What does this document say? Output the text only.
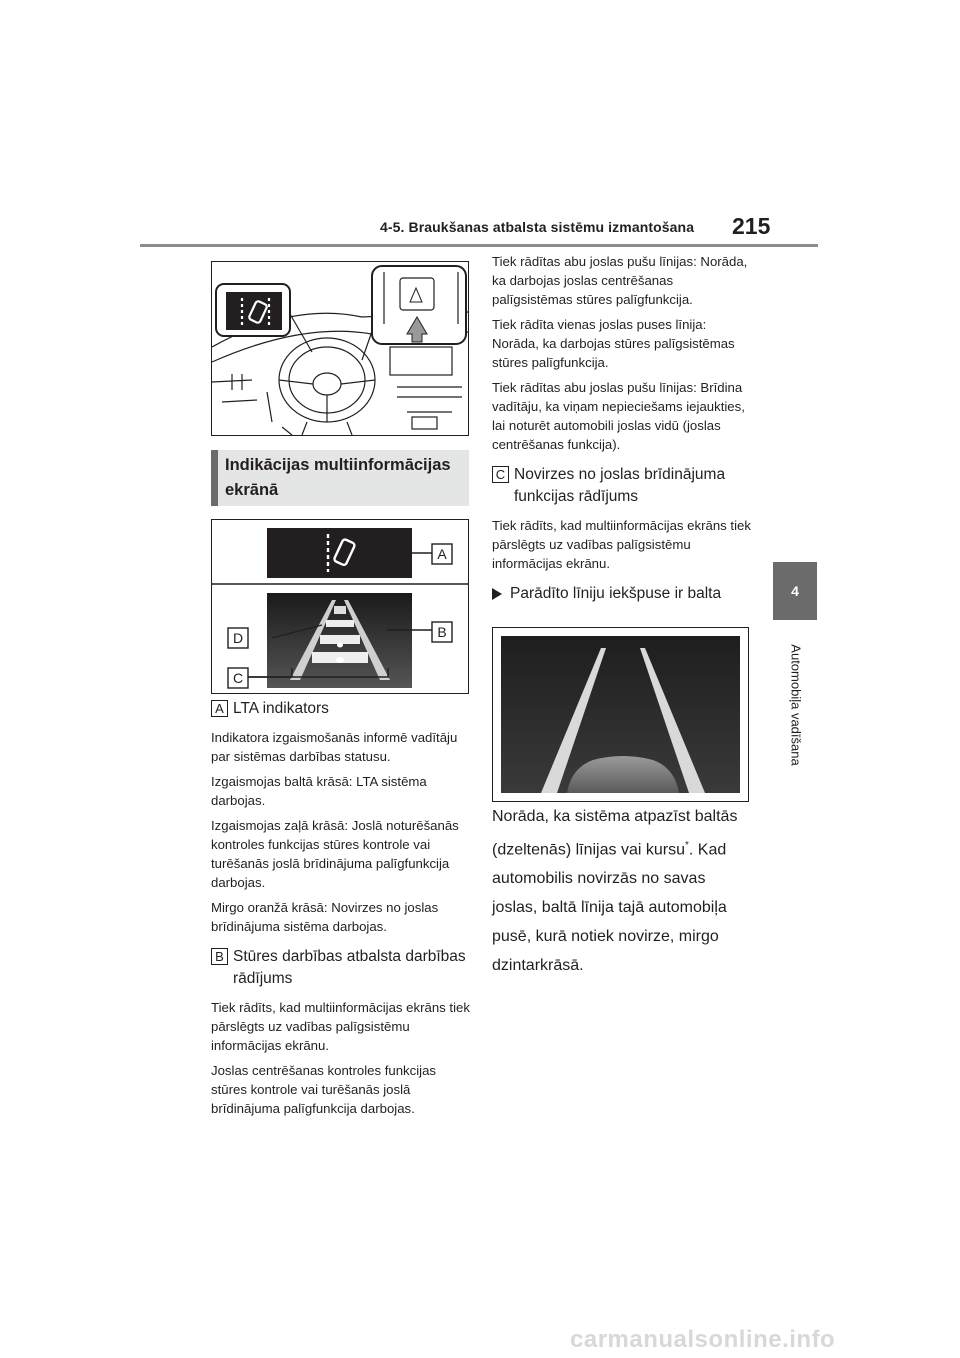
4-5. Braukšanas atbalsta sistēmu izmantošana 215
4
Automobiļa vadīšana
Indikācijas multiinformācijas ekrānā
A
B
C
D
A LTA indikators
Indikatora izgaismošanās informē vadītāju par sistēmas darbības statusu.
Izgaismojas baltā krāsā: LTA sistēma darbojas.
Izgaismojas zaļā krāsā: Joslā noturēšanās kontroles funkcijas stūres kontrole vai turēšanās joslā brīdinājuma palīgfunkcija darbojas.
Mirgo oranžā krāsā: Novirzes no joslas brīdinājuma sistēma darbojas.
B Stūres darbības atbalsta darbības rādījums
Tiek rādīts, kad multiinformācijas ekrāns tiek pārslēgts uz vadības palīgsistēmu informācijas ekrānu.
Joslas centrēšanas kontroles funkcijas stūres kontrole vai turēšanās joslā brīdinājuma palīgfunkcija darbojas.
Tiek rādītas abu joslas pušu līnijas: Norāda, ka darbojas joslas centrēšanas palīgsistēmas stūres palīgfunkcija.
Tiek rādīta vienas joslas puses līnija: Norāda, ka darbojas stūres palīgsistēmas stūres palīgfunkcija.
Tiek rādītas abu joslas pušu līnijas: Brīdina vadītāju, ka viņam nepieciešams iejaukties, lai noturēt automobili joslas vidū (joslas centrēšanas funkcija).
C Novirzes no joslas brīdinājuma funkcijas rādījums
Tiek rādīts, kad multiinformācijas ekrāns tiek pārslēgts uz vadības palīgsistēmu informācijas ekrānu.
Parādīto līniju iekšpuse ir balta

Norāda, ka sistēma atpazīst baltās (dzeltenās) līnijas vai kursu*. Kad automobilis novirzās no savas joslas, baltā līnija tajā automobiļa pusē, kurā notiek novirze, mirgo dzintarkrāsā.

carmanualsonline.info
